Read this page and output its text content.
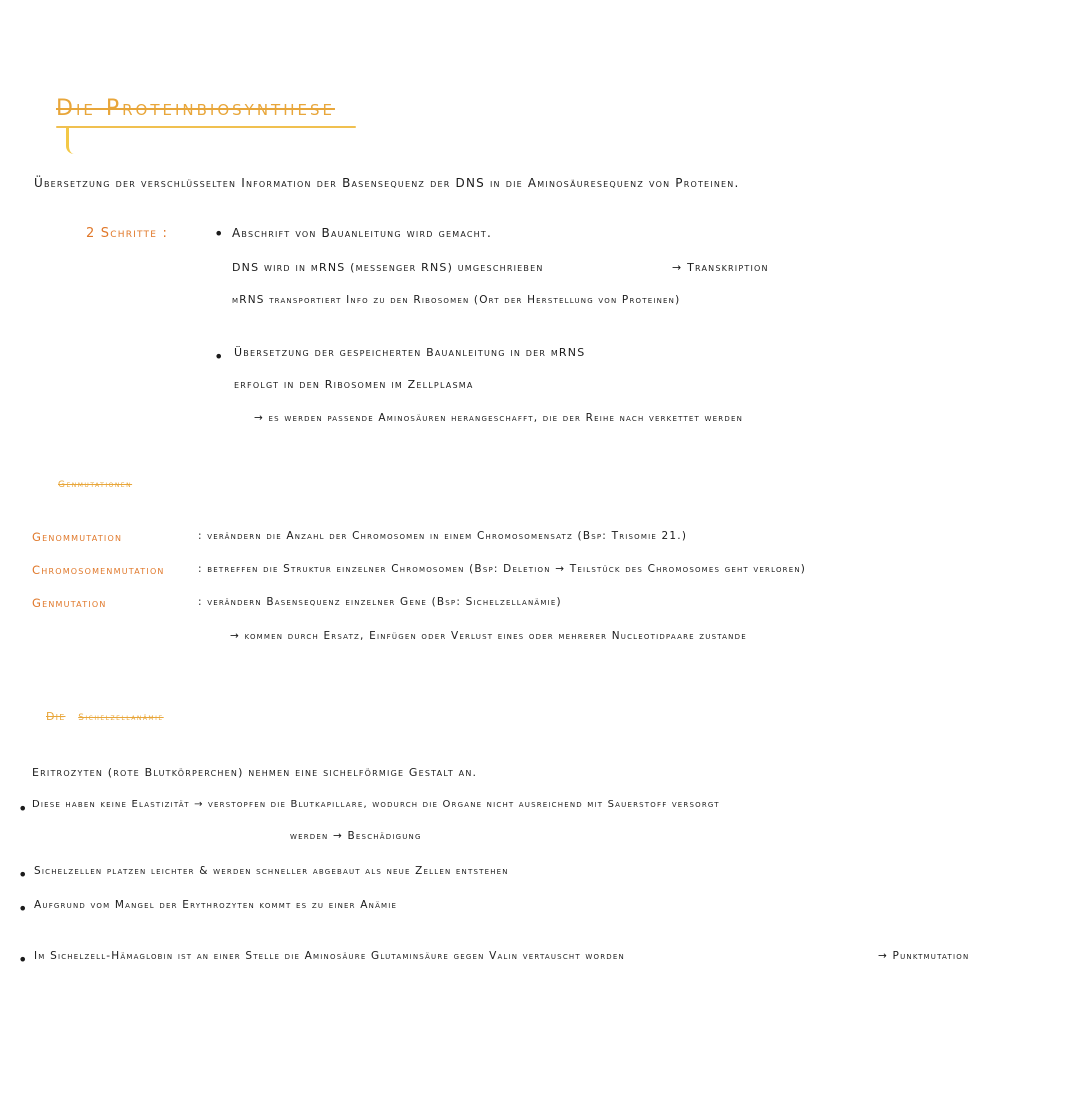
Die Proteinbiosynthese
Übersetzung der verschlüsselten Information der Basensequenz der DNS in die Aminosäuresequenz von Proteinen.
2 Schritte :	• Abschrift von Bauanleitung wird gemacht.
DNS wird in mRNS (messenger RNS) umgeschrieben	→ Transkription
mRNS transportiert Info zu den Ribosomen (Ort der Herstellung von Proteinen)
• Übersetzung der gespeicherten Bauanleitung in der mRNS
erfolgt in den Ribosomen im Zellplasma
→ es werden passende Aminosäuren herangeschafft, die der Reihe nach verkettet werden
Genmutationen
Genommutation	: verändern die Anzahl der Chromosomen in einem Chromosomensatz (Bsp: Trisomie 21.)
Chromosomenmutation	: betreffen die Struktur einzelner Chromosomen (Bsp: Deletion → Teilstück des Chromosomes geht verloren)
Genmutation	: verändern Basensequenz einzelner Gene (Bsp: Sichelzellanämie)
→ kommen durch Ersatz, Einfügen oder Verlust eines oder mehrerer Nucleotidpaare zustande
Die Sichelzellanämie
Eritrozyten (rote Blutkörperchen) nehmen eine sichelförmige Gestalt an.
• Diese haben keine Elastizität → verstopfen die Blutkapillare, wodurch die Organe nicht ausreichend mit Sauerstoff versorgt
werden → Beschädigung
• Sichelzellen platzen leichter & werden schneller abgebaut als neue Zellen entstehen
• Aufgrund vom Mangel der Erythrozyten kommt es zu einer Anämie
• Im Sichelzell-Hämaglobin ist an einer Stelle die Aminosäure Glutaminsäure gegen Valin vertauscht worden	→ Punktmutation
